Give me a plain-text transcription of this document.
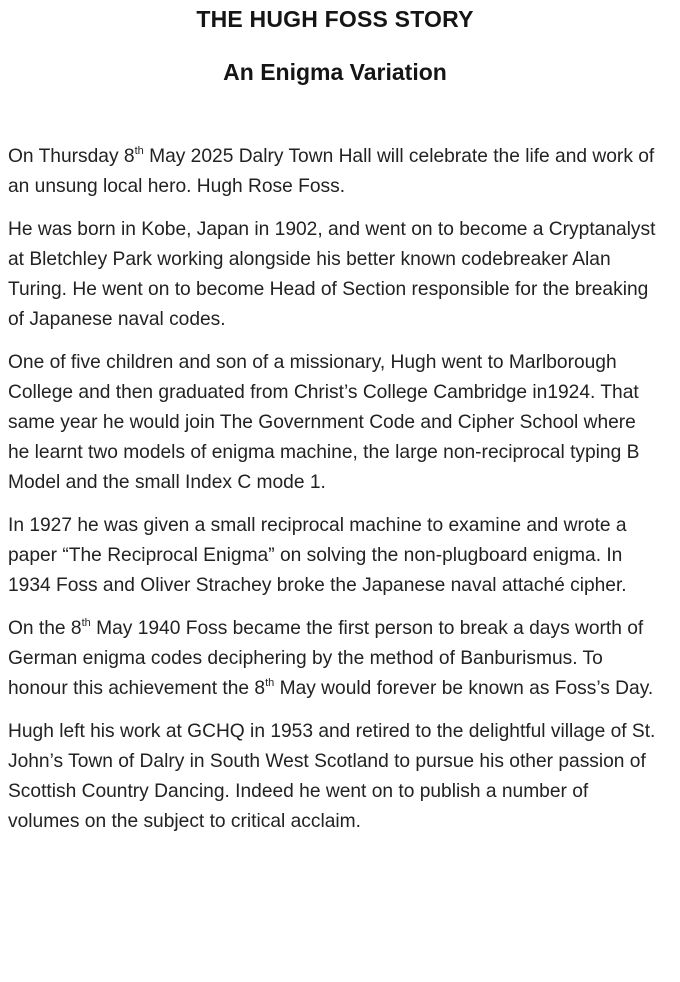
THE HUGH FOSS STORY
An Enigma Variation

On Thursday 8th May 2025 Dalry Town Hall will celebrate the life and work of an unsung local hero. Hugh Rose Foss.

He was born in Kobe, Japan in 1902, and went on to become a Cryptanalyst at Bletchley Park working alongside his better known codebreaker Alan Turing. He went on to become Head of Section responsible for the breaking of Japanese naval codes.

One of five children and son of a missionary, Hugh went to Marlborough College and then graduated from Christ’s College Cambridge in1924. That same year he would join The Government Code and Cipher School where he learnt two models of enigma machine, the large non-reciprocal typing B Model and the small Index C mode 1.

In 1927 he was given a small reciprocal machine to examine and wrote a paper “The Reciprocal Enigma” on solving the non-plugboard enigma. In 1934 Foss and Oliver Strachey broke the Japanese naval attaché cipher.

On the 8th May 1940 Foss became the first person to break a days worth of German enigma codes deciphering by the method of Banburismus. To honour this achievement the 8th May would forever be known as Foss’s Day.

Hugh left his work at GCHQ in 1953 and retired to the delightful village of St. John’s Town of Dalry in South West Scotland to pursue his other passion of Scottish Country Dancing. Indeed he went on to publish a number of volumes on the subject to critical acclaim.
